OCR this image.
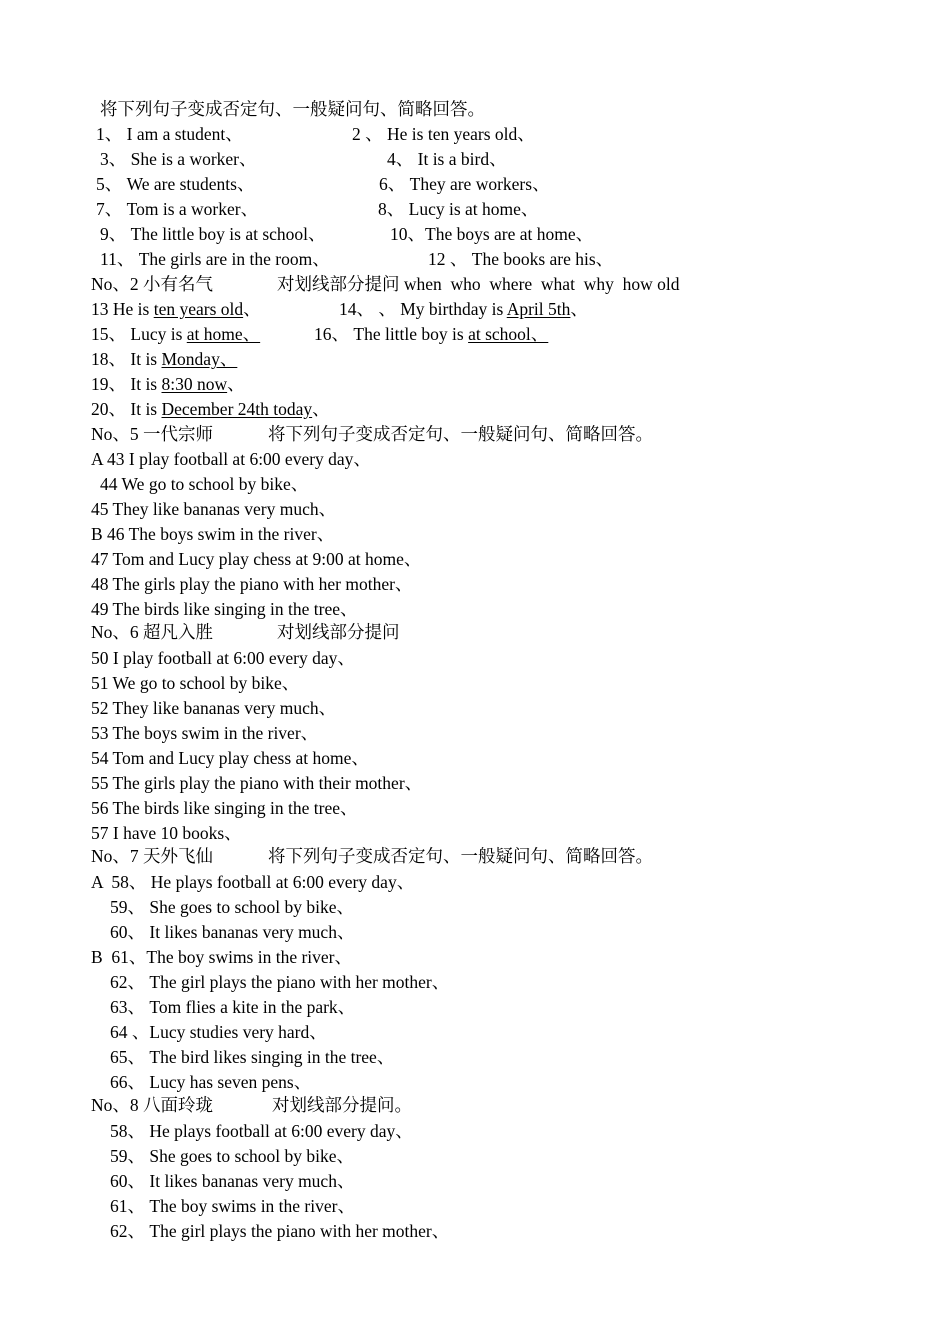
将下列句子变成否定句、一般疑问句、简略回答。
1、 I am a student、	2 、 He is ten years old、
3、 She is a worker、	4、 It is a bird、
5、 We are students、	6、 They are workers、
7、 Tom is a worker、	8、 Lucy is at home、
9、 The little boy is at school、	10、The boys are at home、
11、 The girls are in the room、	12 、 The books are his、
No、2 小有名气	对划线部分提问 when  who  where  what  why  how old
13 He is ten years old、	14、 、 My birthday is April 5th、
15、 Lucy is at home、	16、 The little boy is at school、
18、 It is Monday、
19、 It is 8:30 now、
20、 It is December 24th today、
No、5 一代宗师	将下列句子变成否定句、一般疑问句、简略回答。
A 43 I play football at 6:00 every day、
44 We go to school by bike、
45 They like bananas very much、
B 46 The boys swim in the river、
47 Tom and Lucy play chess at 9:00 at home、
48 The girls play the piano with her mother、
49 The birds like singing in the tree、
No、6 超凡入胜	对划线部分提问
50 I play football at 6:00 every day、
51 We go to school by bike、
52 They like bananas very much、
53 The boys swim in the river、
54 Tom and Lucy play chess at home、
55 The girls play the piano with their mother、
56 The birds like singing in the tree、
57 I have 10 books、
No、7 天外飞仙	将下列句子变成否定句、一般疑问句、简略回答。
A  58、 He plays football at 6:00 every day、
59、 She goes to school by bike、
60、 It likes bananas very much、
B  61、The boy swims in the river、
62、 The girl plays the piano with her mother、
63、 Tom flies a kite in the park、
64 、Lucy studies very hard、
65、 The bird likes singing in the tree、
66、 Lucy has seven pens、
No、8 八面玲珑	对划线部分提问。
58、 He plays football at 6:00 every day、
59、 She goes to school by bike、
60、 It likes bananas very much、
61、 The boy swims in the river、
62、 The girl plays the piano with her mother、
